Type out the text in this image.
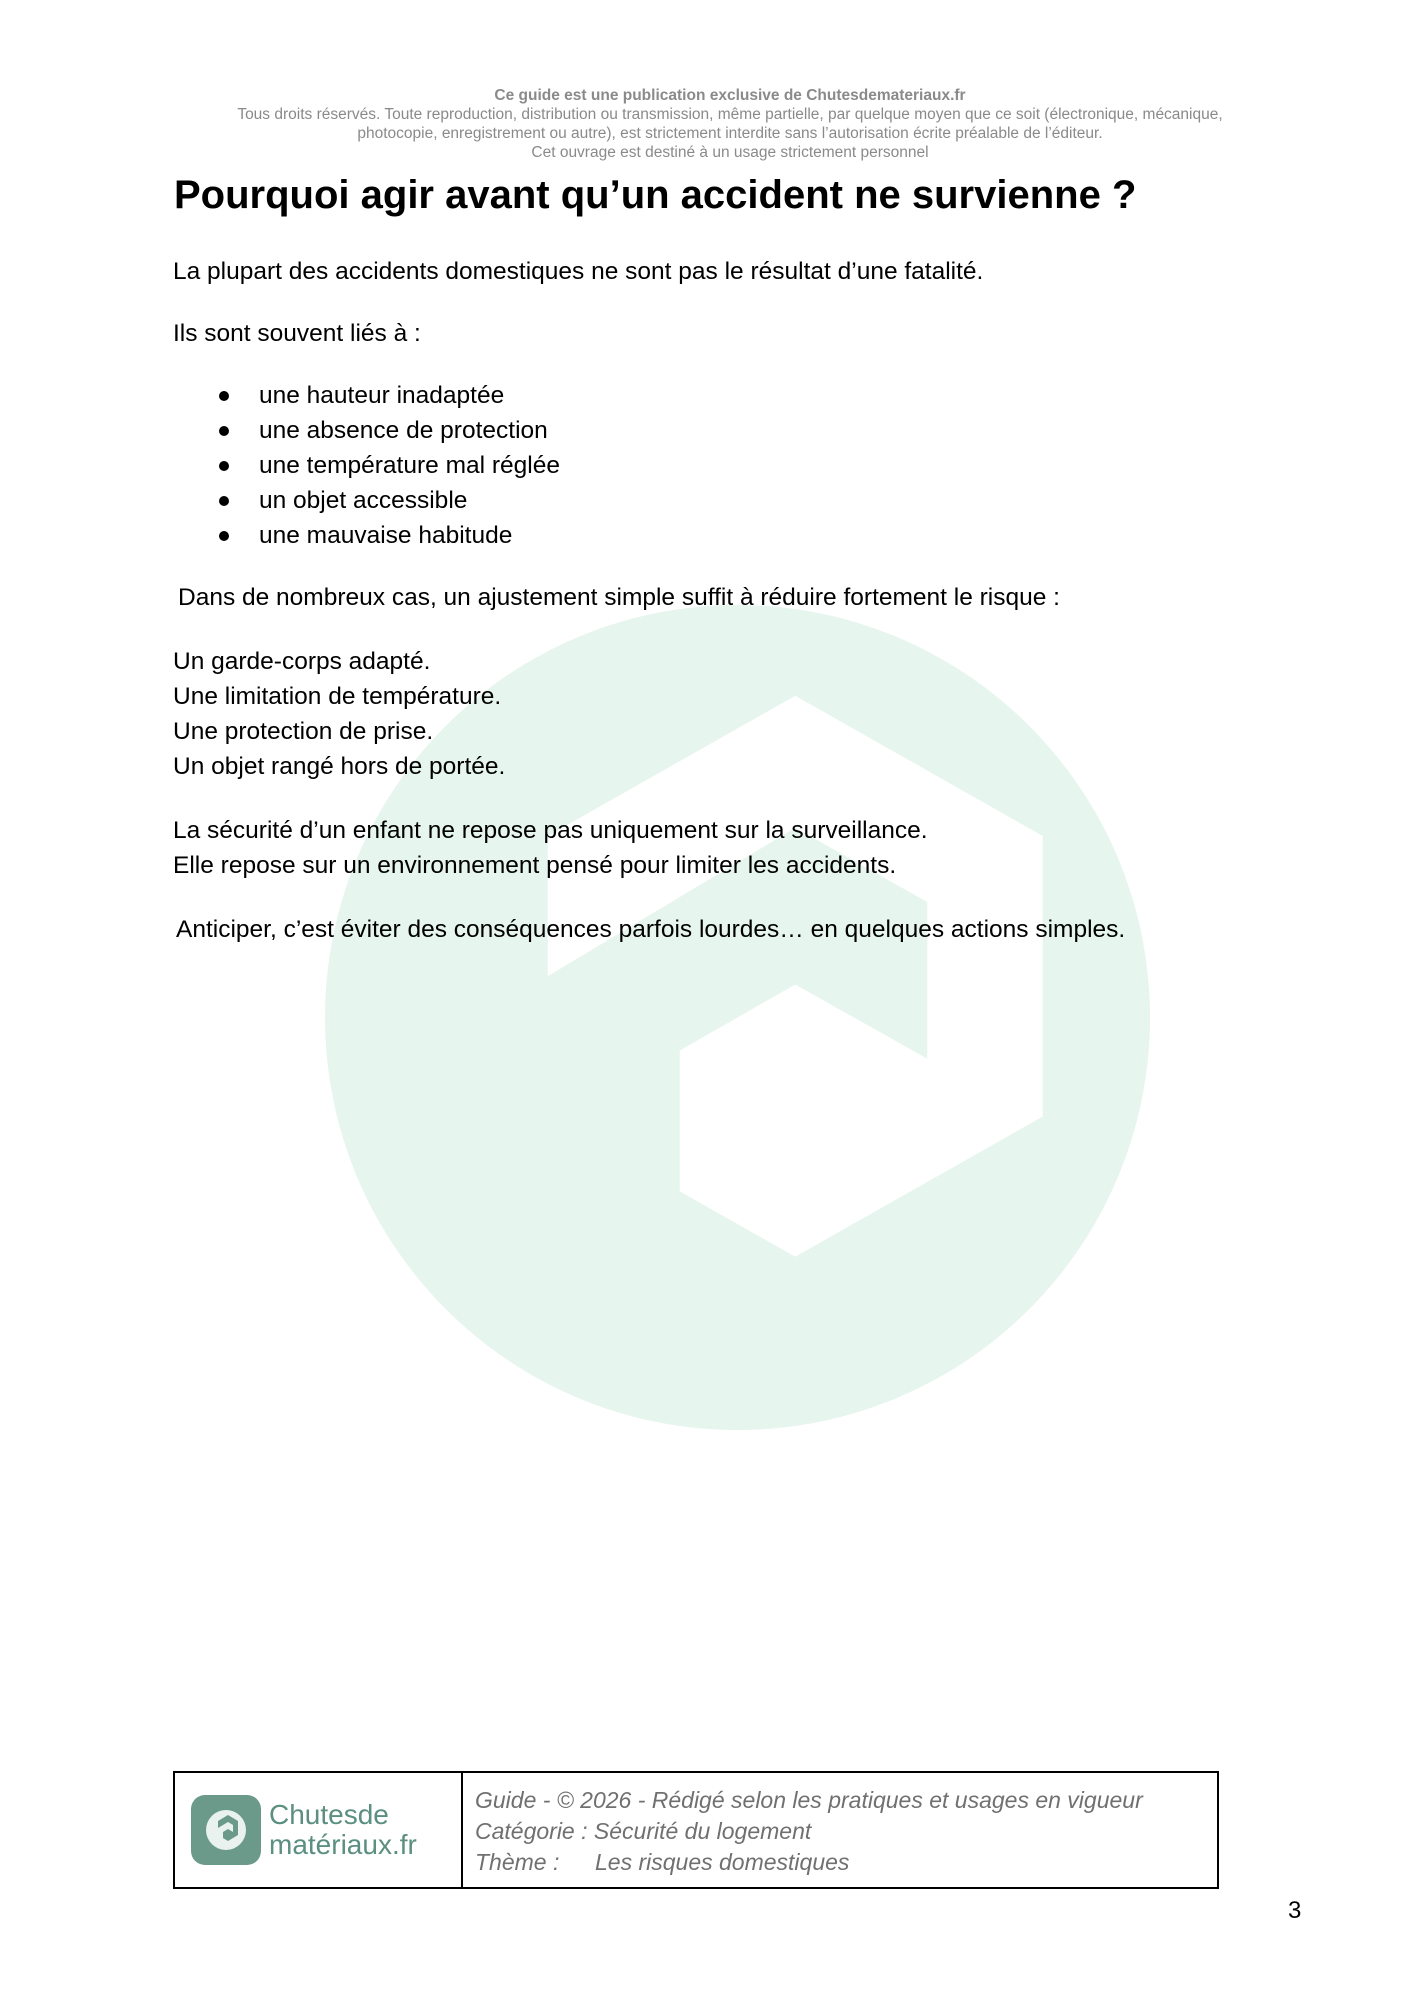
Ce guide est une publication exclusive de Chutesdemateriaux.fr
Tous droits réservés. Toute reproduction, distribution ou transmission, même partielle, par quelque moyen que ce soit (électronique, mécanique,
photocopie, enregistrement ou autre), est strictement interdite sans l’autorisation écrite préalable de l’éditeur.
Cet ouvrage est destiné à un usage strictement personnel
Pourquoi agir avant qu’un accident ne survienne ?
La plupart des accidents domestiques ne sont pas le résultat d’une fatalité.
Ils sont souvent liés à :
une hauteur inadaptée
une absence de protection
une température mal réglée
un objet accessible
une mauvaise habitude
Dans de nombreux cas, un ajustement simple suffit à réduire fortement le risque :
Un garde-corps adapté.
Une limitation de température.
Une protection de prise.
Un objet rangé hors de portée.
La sécurité d’un enfant ne repose pas uniquement sur la surveillance.
Elle repose sur un environnement pensé pour limiter les accidents.
Anticiper, c’est éviter des conséquences parfois lourdes… en quelques actions simples.
Chutesde
matériaux.fr
Guide - © 2026 - Rédigé selon les pratiques et usages en vigueur
Catégorie : Sécurité du logement
Thème : Les risques domestiques
3
